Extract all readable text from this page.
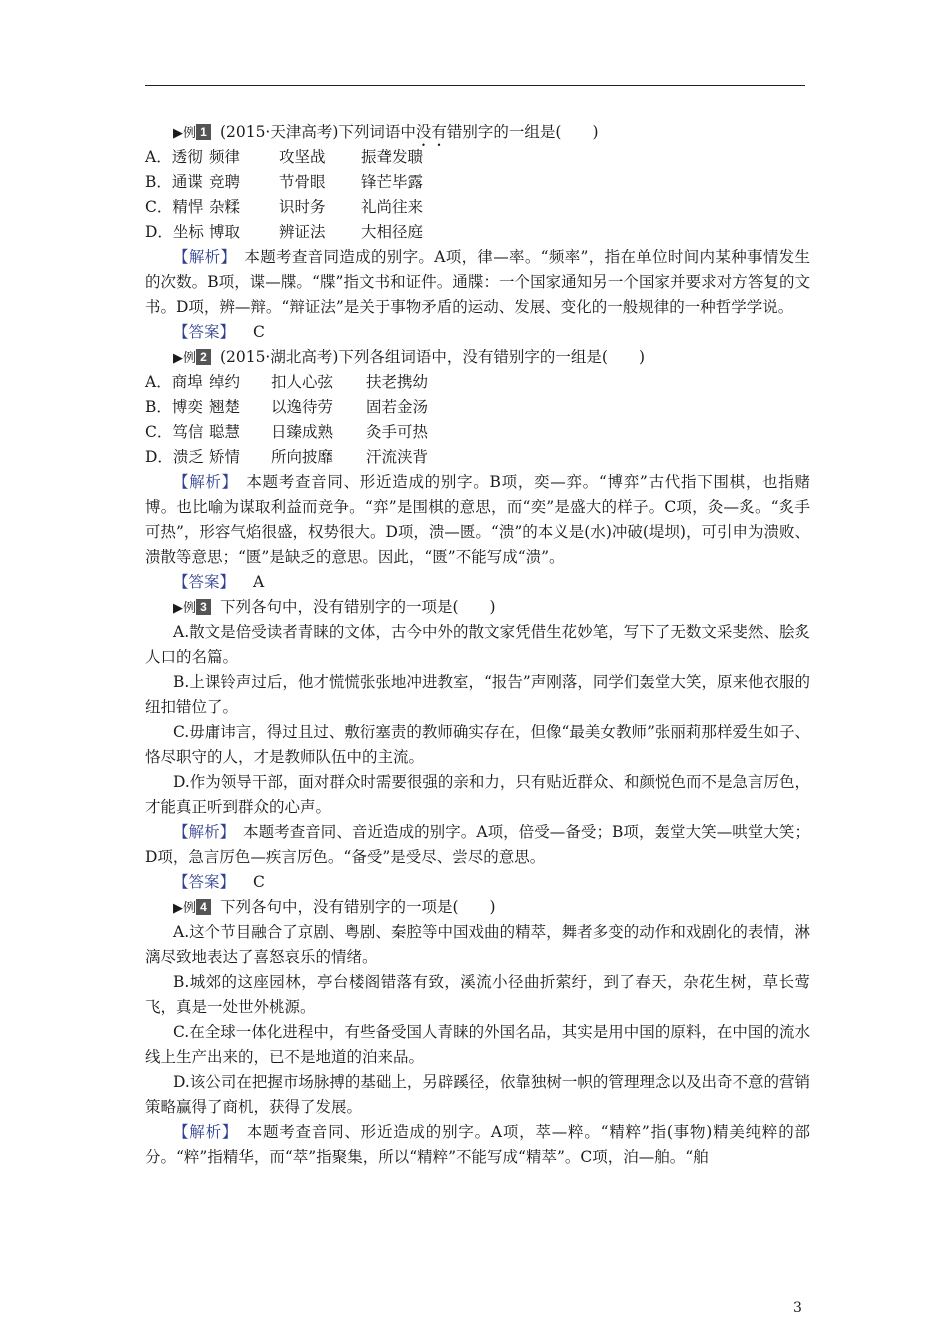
▶例 1 (2015·天津高考)下列词语中没有错别字的一组是(　　)
A．透彻 频律	攻坚战 振聋发聩
B．通谍 竞聘	节骨眼 锋芒毕露
C．精悍 杂糅	识时务 礼尚往来
D．坐标 博取	辨证法 大相径庭
【解析】　 本题考查音同造成的别字。A项，律—率。“频率”，指在单位时间内某种事情发生的次数。B项，谍—牒。“牒”指文书和证件。通牒：一个国家通知另一个国家并要求对方答复的文书。D项，辨—辩。“辩证法”是关于事物矛盾的运动、发展、变化的一般规律的一种哲学学说。
【答案】 C
▶例 2 (2015·湖北高考)下列各组词语中，没有错别字的一组是(　　)
A．商埠 绰约 扣人心弦 扶老携幼
B．博奕 翘楚 以逸待劳 固若金汤
C．笃信 聪慧 日臻成熟 灸手可热
D．溃乏 矫情 所向披靡 汗流浃背
【解析】　 本题考查音同、形近造成的别字。B项，奕—弈。“博弈”古代指下围棋，也指赌博。也比喻为谋取利益而竞争。“弈”是围棋的意思，而“奕”是盛大的样子。C项，灸—炙。“炙手可热”，形容气焰很盛，权势很大。D项，溃—匮。“溃”的本义是(水)冲破(堤坝)，可引申为溃败、溃散等意思；“匮”是缺乏的意思。因此，“匮”不能写成“溃”。
【答案】 A
▶例 3 下列各句中，没有错别字的一项是(　　)
A.散文是倍受读者青睐的文体，古今中外的散文家凭借生花妙笔，写下了无数文采斐然、脍炙人口的名篇。
B.上课铃声过后，他才慌慌张张地冲进教室，“报告”声刚落，同学们轰堂大笑，原来他衣服的纽扣错位了。
C.毋庸讳言，得过且过、敷衍塞责的教师确实存在，但像“最美女教师”张丽莉那样爱生如子、恪尽职守的人，才是教师队伍中的主流。
D.作为领导干部，面对群众时需要很强的亲和力，只有贴近群众、和颜悦色而不是急言厉色，才能真正听到群众的心声。
【解析】　 本题考查音同、音近造成的别字。A项，倍受—备受；B项，轰堂大笑—哄堂大笑；D项，急言厉色—疾言厉色。“备受”是受尽、尝尽的意思。
【答案】 C
▶例 4 下列各句中，没有错别字的一项是(　　)
A.这个节目融合了京剧、粤剧、秦腔等中国戏曲的精萃，舞者多变的动作和戏剧化的表情，淋漓尽致地表达了喜怒哀乐的情绪。
B.城郊的这座园林，亭台楼阁错落有致，溪流小径曲折萦纡，到了春天，杂花生树，草长莺飞，真是一处世外桃源。
C.在全球一体化进程中，有些备受国人青睐的外国名品，其实是用中国的原料，在中国的流水线上生产出来的，已不是地道的泊来品。
D.该公司在把握市场脉搏的基础上，另辟蹊径，依靠独树一帜的管理理念以及出奇不意的营销策略赢得了商机，获得了发展。
【解析】　 本题考查音同、形近造成的别字。A项，萃—粹。“精粹”指(事物)精美纯粹的部分。“粹”指精华，而“萃”指聚集，所以“精粹”不能写成“精萃”。C项，泊—舶。“舶
3
